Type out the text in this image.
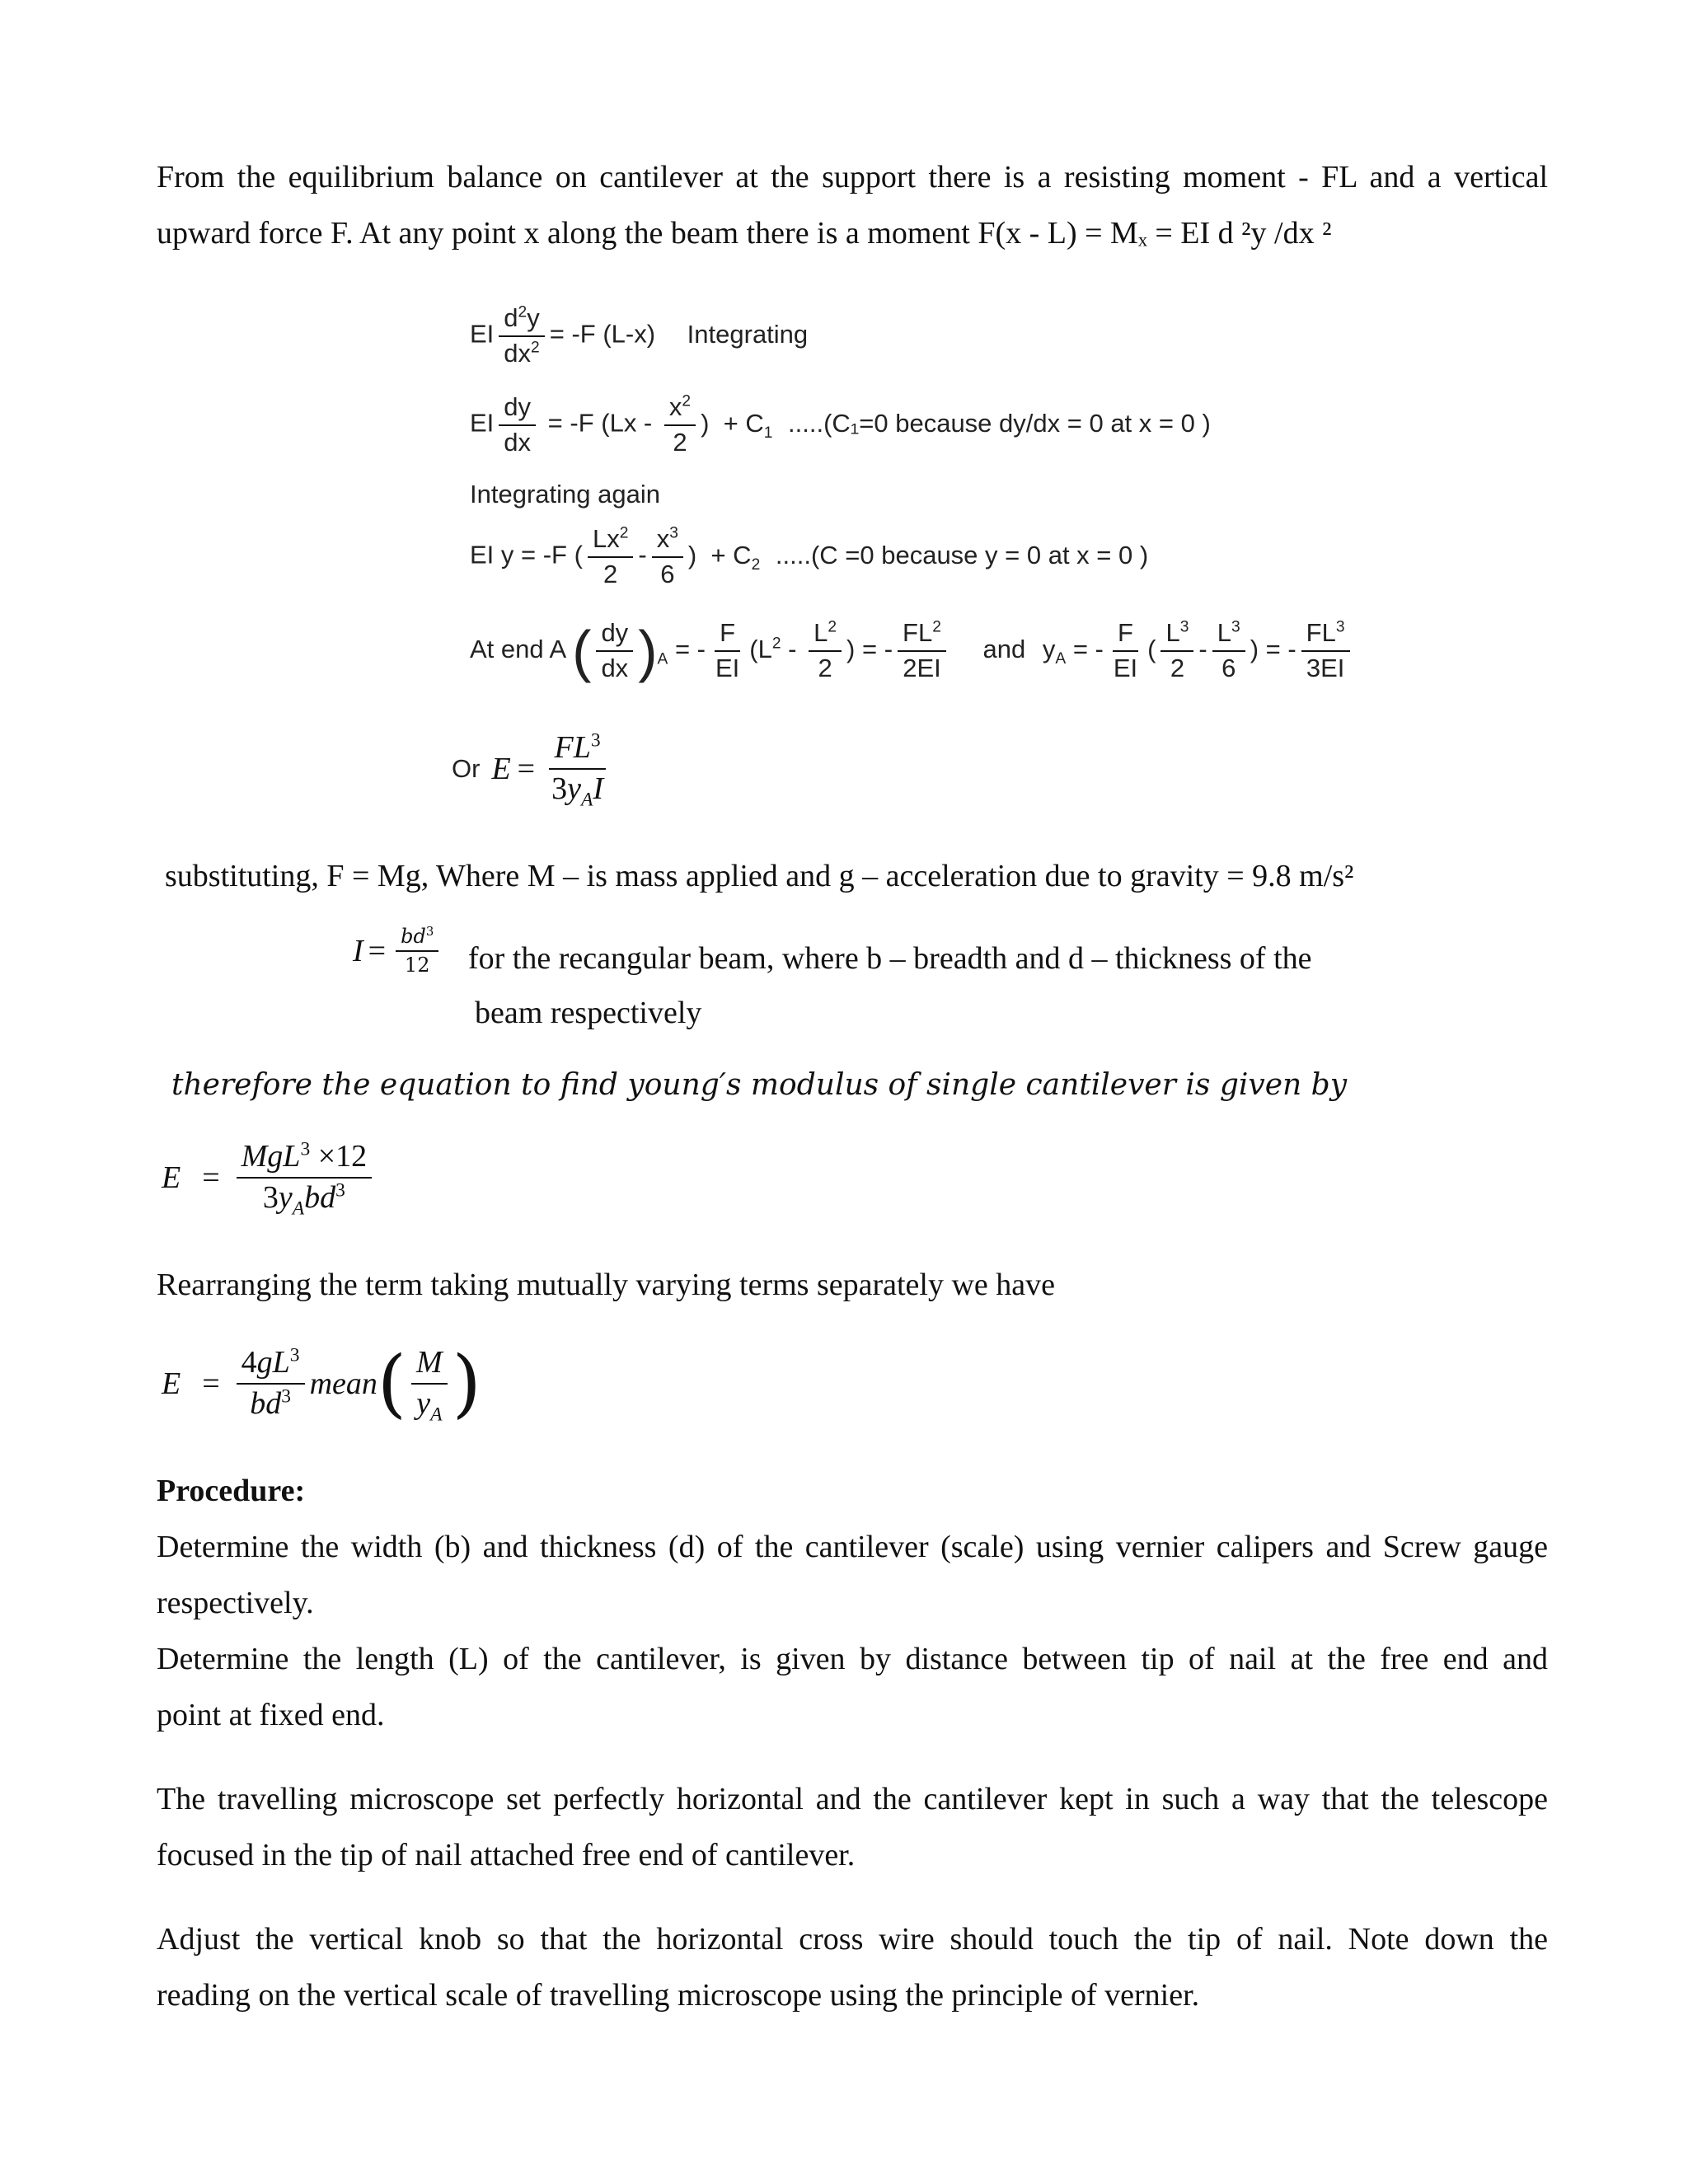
From the equilibrium balance on cantilever at the support there is a resisting moment - FL and a vertical
upward force F. At any point x along the beam there is a moment F(x - L) = Mₓ = EI d ²y /dx ²
EI $\frac{d^2y}{dx^2} = -F$ (L-x) Integrating
EI $\frac{dy}{dx} = -F$ ($Lx - \frac{x^2}{2}$ )  + $C_1$ .....(C₁=0 because dy/dx = 0 at x = 0 )
Integrating again
EI y = -F ( $\frac{Lx^2}{2} - \frac{x^3}{6}$ )  + $C_2$ .....(C =0 because y = 0 at x = 0 )
At end A ( $\frac{dy}{dx} )_A$ = - $\frac{F}{EI} (L^2 - \frac{L^2}{2}$ ) = - $\frac{FL^2}{2EI}$ and $y_A$ = - $\frac{F}{EI}$ ( $\frac{L^3}{2} - \frac{L^3}{6}$ ) = - $\frac{FL^3}{3EI}$
Or $E = \frac{FL^3}{3y_AI}$
substituting, F = Mg, Where M – is mass applied and g – acceleration due to gravity = 9.8 m/s²
$I = \frac{bd^3}{12}$ for the recangular beam, where b – breadth and d – thickness of the
beam respectively
therefore the equation to find young′s modulus of single cantilever is given by
$E = \frac{MgL^3 \times 12}{3y_Abd^3}$
Rearranging the term taking mutually varying terms separately we have
$E = \frac{4gL^3}{bd^3}$ mean ( $\frac{M}{y_A}$ )
Procedure:
Determine the width (b) and thickness (d) of the cantilever (scale) using vernier calipers and Screw gauge
respectively.
Determine the length (L) of the cantilever, is given by distance between tip of nail at the free end and
point at fixed end.
The travelling microscope set perfectly horizontal and the cantilever kept in such a way that the telescope
focused in the tip of nail attached free end of cantilever.
Adjust the vertical knob so that the horizontal cross wire should touch the tip of nail. Note down the
reading on the vertical scale of travelling microscope using the principle of vernier.
